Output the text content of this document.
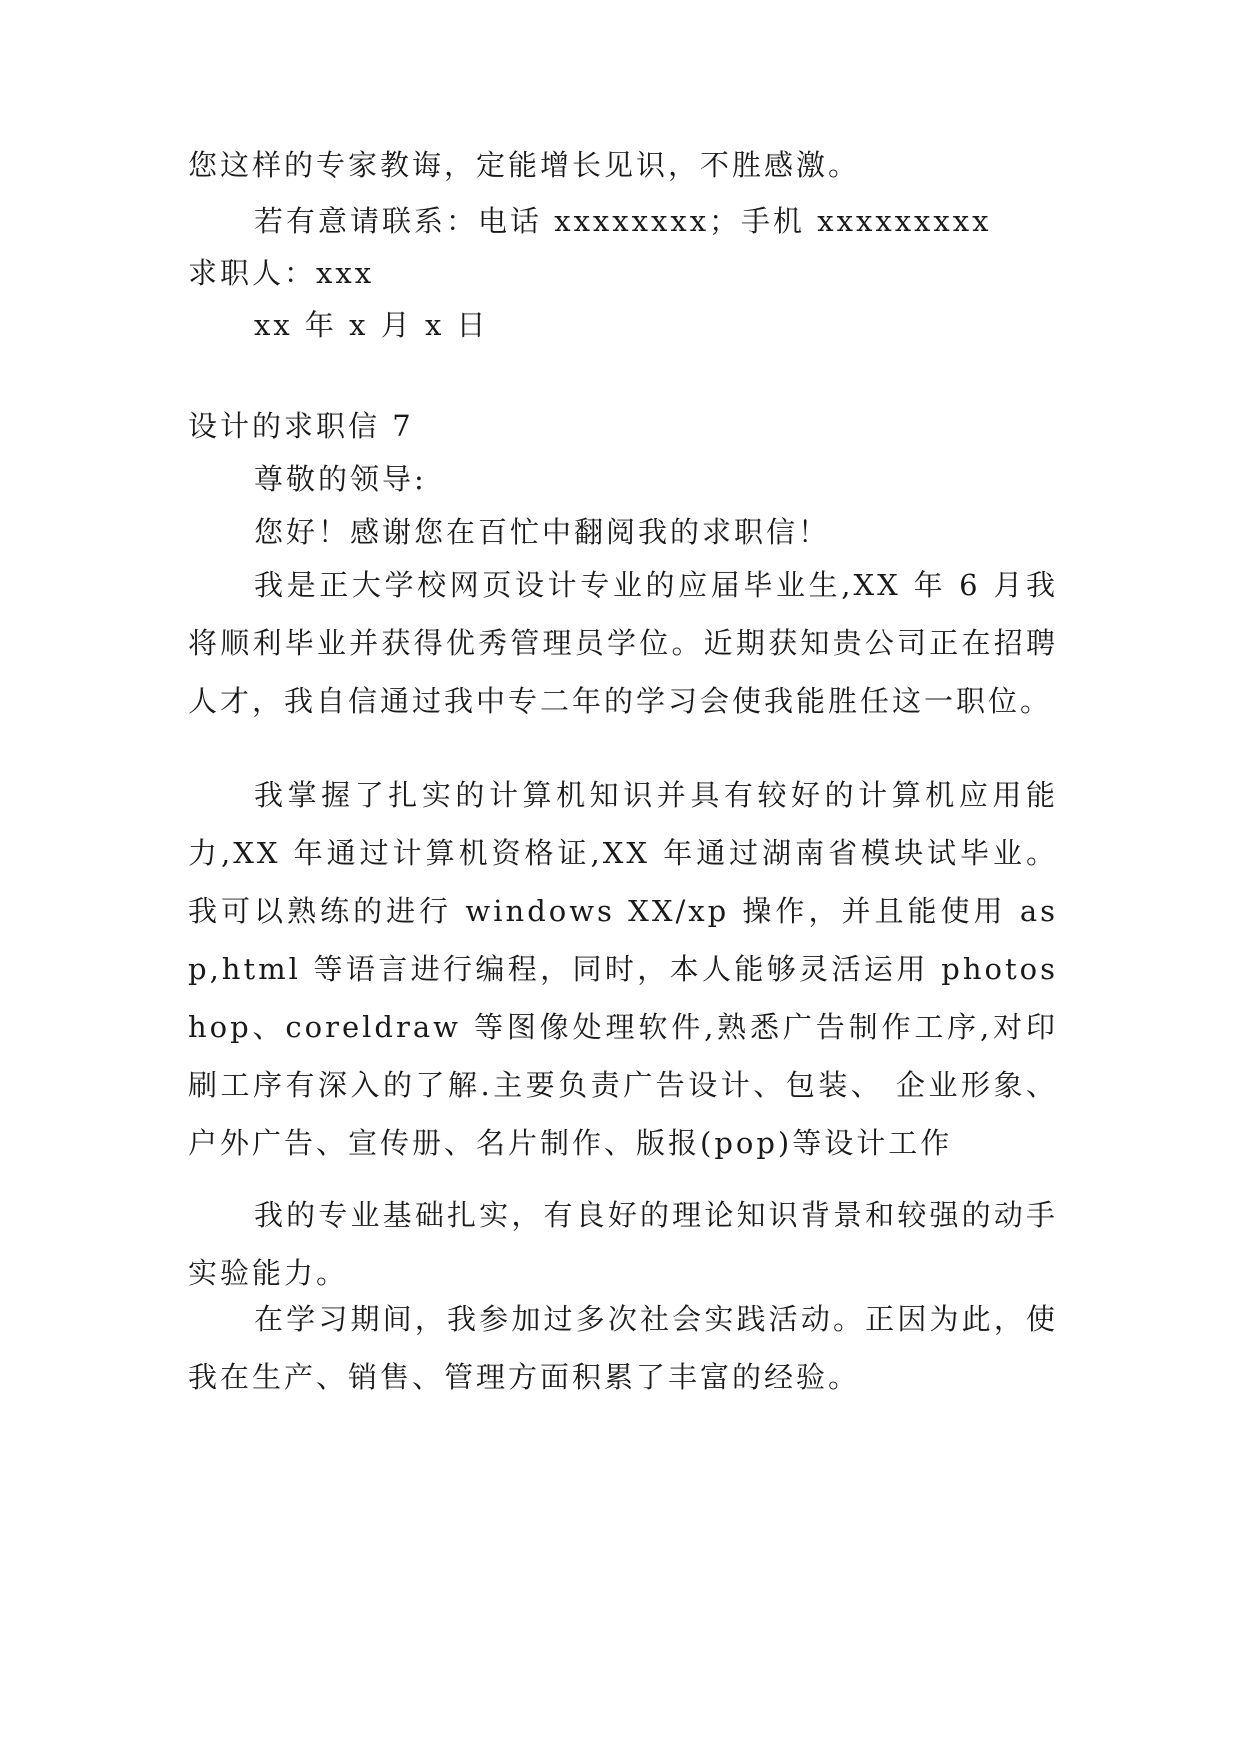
您这样的专家教诲，定能增长见识，不胜感激。
若有意请联系：电话 xxxxxxxx；手机 xxxxxxxxx
求职人：xxx
xx 年 x 月 x 日
设计的求职信 7
尊敬的领导:
您好！感谢您在百忙中翻阅我的求职信！
我是正大学校网页设计专业的应届毕业生,XX 年 6 月我将顺利毕业并获得优秀管理员学位。近期获知贵公司正在招聘人才，我自信通过我中专二年的学习会使我能胜任这一职位。
我掌握了扎实的计算机知识并具有较好的计算机应用能力,XX 年通过计算机资格证,XX 年通过湖南省模块试毕业。我可以熟练的进行 windows XX/xp 操作，并且能使用 asp,html 等语言进行编程，同时，本人能够灵活运用 photoshop、coreldraw 等图像处理软件,熟悉广告制作工序,对印刷工序有深入的了解.主要负责广告设计、包装、 企业形象、户外广告、宣传册、名片制作、版报(pop)等设计工作
我的专业基础扎实，有良好的理论知识背景和较强的动手实验能力。
在学习期间，我参加过多次社会实践活动。正因为此，使我在生产、销售、管理方面积累了丰富的经验。
